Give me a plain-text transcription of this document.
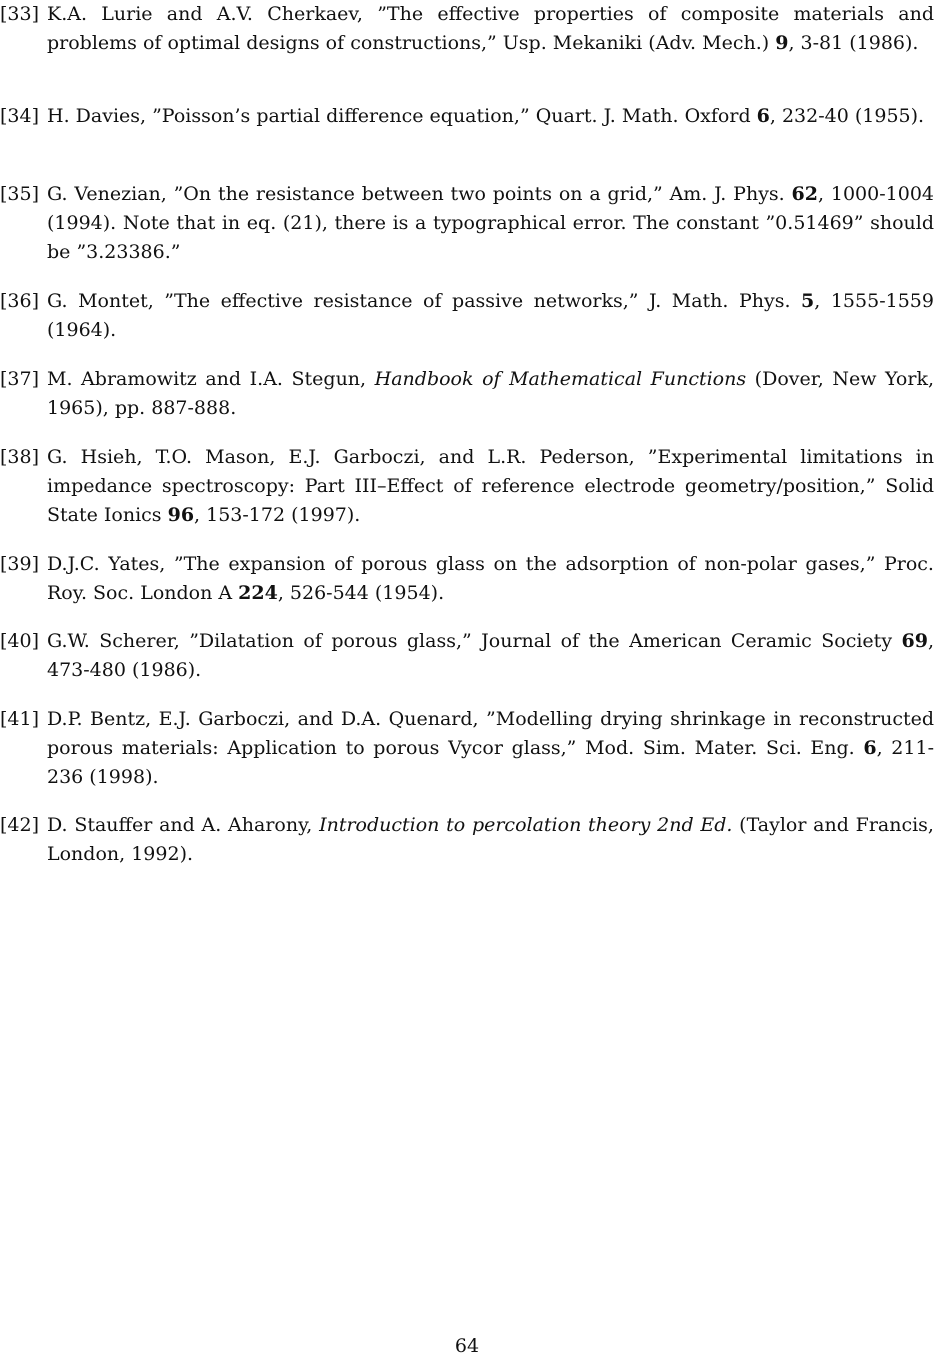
[33] K.A. Lurie and A.V. Cherkaev, ”The effective properties of composite materials and problems of optimal designs of constructions,” Usp. Mekaniki (Adv. Mech.) 9, 3-81 (1986).
[34] H. Davies, ”Poisson’s partial difference equation,” Quart. J. Math. Oxford 6, 232-40 (1955).
[35] G. Venezian, ”On the resistance between two points on a grid,” Am. J. Phys. 62, 1000-1004 (1994). Note that in eq. (21), there is a typographical error. The constant ”0.51469” should be ”3.23386.”
[36] G. Montet, ”The effective resistance of passive networks,” J. Math. Phys. 5, 1555-1559 (1964).
[37] M. Abramowitz and I.A. Stegun, Handbook of Mathematical Functions (Dover, New York, 1965), pp. 887-888.
[38] G. Hsieh, T.O. Mason, E.J. Garboczi, and L.R. Pederson, ”Experimental limitations in impedance spectroscopy: Part III–Effect of reference electrode geometry/position,” Solid State Ionics 96, 153-172 (1997).
[39] D.J.C. Yates, ”The expansion of porous glass on the adsorption of non-polar gases,” Proc. Roy. Soc. London A 224, 526-544 (1954).
[40] G.W. Scherer, ”Dilatation of porous glass,” Journal of the American Ceramic Society 69, 473-480 (1986).
[41] D.P. Bentz, E.J. Garboczi, and D.A. Quenard, ”Modelling drying shrinkage in reconstructed porous materials: Application to porous Vycor glass,” Mod. Sim. Mater. Sci. Eng. 6, 211-236 (1998).
[42] D. Stauffer and A. Aharony, Introduction to percolation theory 2nd Ed. (Taylor and Francis, London, 1992).
64
